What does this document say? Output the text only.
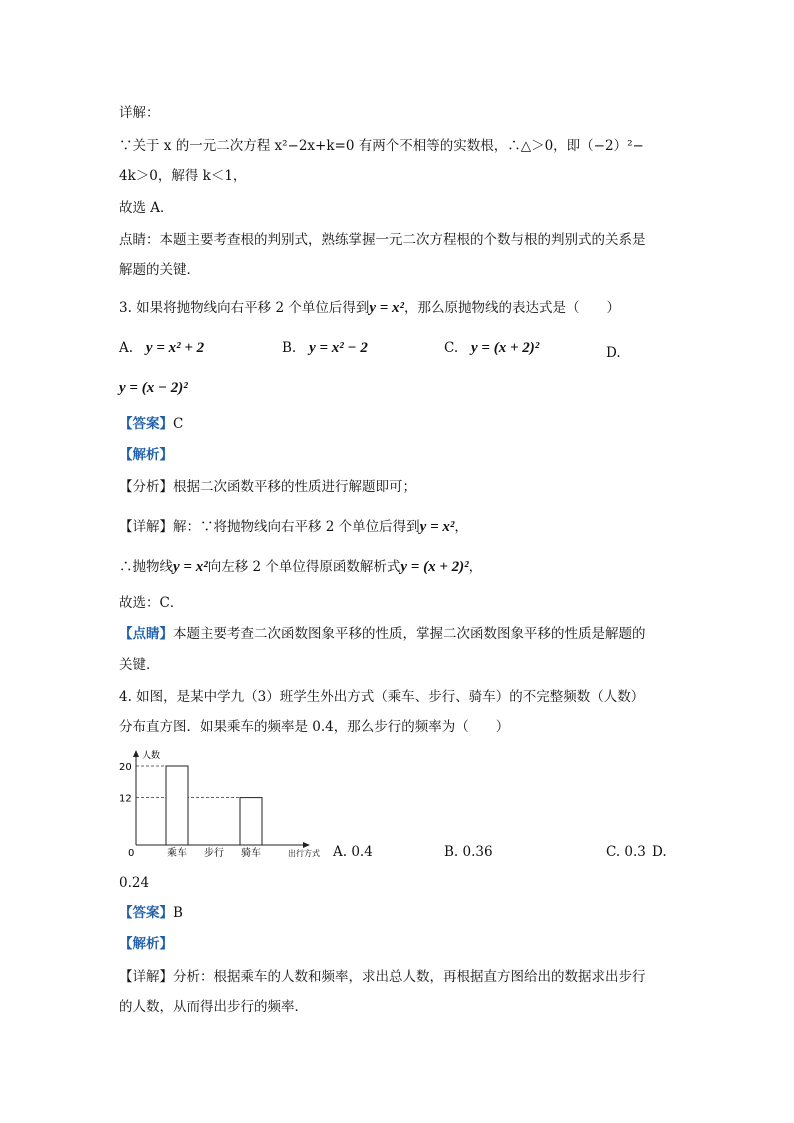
详解：
∵关于 x 的一元二次方程 x²−2x+k=0 有两个不相等的实数根，∴△＞0，即（−2）²−
4k＞0，解得 k＜1，
故选 A．
点睛：本题主要考查根的判别式，熟练掌握一元二次方程根的个数与根的判别式的关系是
解题的关键．
3. 如果将抛物线向右平移 2 个单位后得到y = x²，那么原抛物线的表达式是（　　）
A. y = x² + 2	B. y = x² − 2	C. y = (x + 2)²	D.
y = (x − 2)²
【答案】C
【解析】
【分析】根据二次函数平移的性质进行解题即可；
【详解】解：∵将抛物线向右平移 2 个单位后得到y = x²，
∴抛物线y = x²向左移 2 个单位得原函数解析式y = (x + 2)²，
故选：C．
【点睛】本题主要考查二次函数图象平移的性质，掌握二次函数图象平移的性质是解题的
关键．
4. 如图，是某中学九（3）班学生外出方式（乘车、步行、骑车）的不完整频数（人数）
分布直方图．如果乘车的频率是 0.4，那么步行的频率为（　　）
人数
0
20
12
乘车 步行 骑车	出行方式 A. 0.4	B. 0.36	C. 0.3 D.
0.24
【答案】B
【解析】
【详解】分析：根据乘车的人数和频率，求出总人数，再根据直方图给出的数据求出步行
的人数，从而得出步行的频率．
